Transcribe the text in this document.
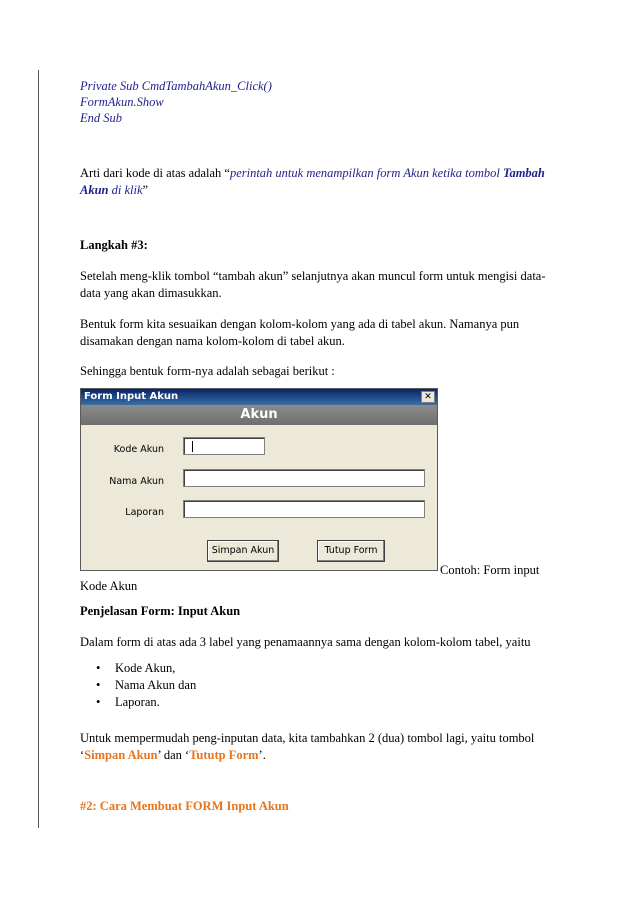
Private Sub CmdTambahAkun_Click()
FormAkun.Show
End Sub
Arti dari kode di atas adalah “perintah untuk menampilkan form Akun ketika tombol Tambah Akun di klik”
Langkah #3:
Setelah meng-klik tombol “tambah akun” selanjutnya akan muncul form untuk mengisi data-data yang akan dimasukkan.
Bentuk form kita sesuaikan dengan kolom-kolom yang ada di tabel akun. Namanya pun disamakan dengan nama kolom-kolom di tabel akun.
Sehingga bentuk form-nya adalah sebagai berikut :
Form Input Akun	✕
Akun
Kode Akun
Nama Akun
Laporan
Simpan Akun	Tutup Form
Contoh: Form input
Kode Akun
Penjelasan Form: Input Akun
Dalam form di atas ada 3 label yang penamaannya sama dengan kolom-kolom tabel, yaitu
• Kode Akun,
• Nama Akun dan
• Laporan.
Untuk mempermudah peng-inputan data, kita tambahkan 2 (dua) tombol lagi, yaitu tombol ‘Simpan Akun’ dan ‘Tututp Form’.
#2: Cara Membuat FORM Input Akun
